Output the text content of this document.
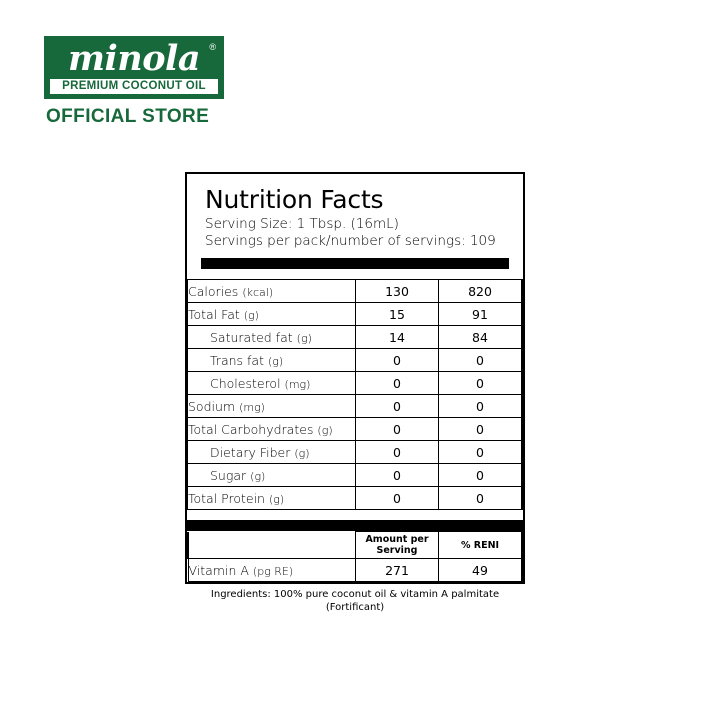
minola	®
PREMIUM COCONUT OIL
OFFICIAL STORE
Nutrition Facts
Serving Size: 1 Tbsp. (16mL)
Servings per pack/number of servings: 109
Calories (kcal)	130	820
Total Fat (g)	15	91
Saturated fat (g)	14	84
Trans fat (g)	0	0
Cholesterol (mg)	0	0
Sodium (mg)	0	0
Total Carbohydrates (g)	0	0
Dietary Fiber (g)	0	0
Sugar (g)	0	0
Total Protein (g)	0	0
	Amount per Serving	% RENI
Vitamin A (pg RE)	271	49
Ingredients: 100% pure coconut oil & vitamin A palmitate (Fortificant)
